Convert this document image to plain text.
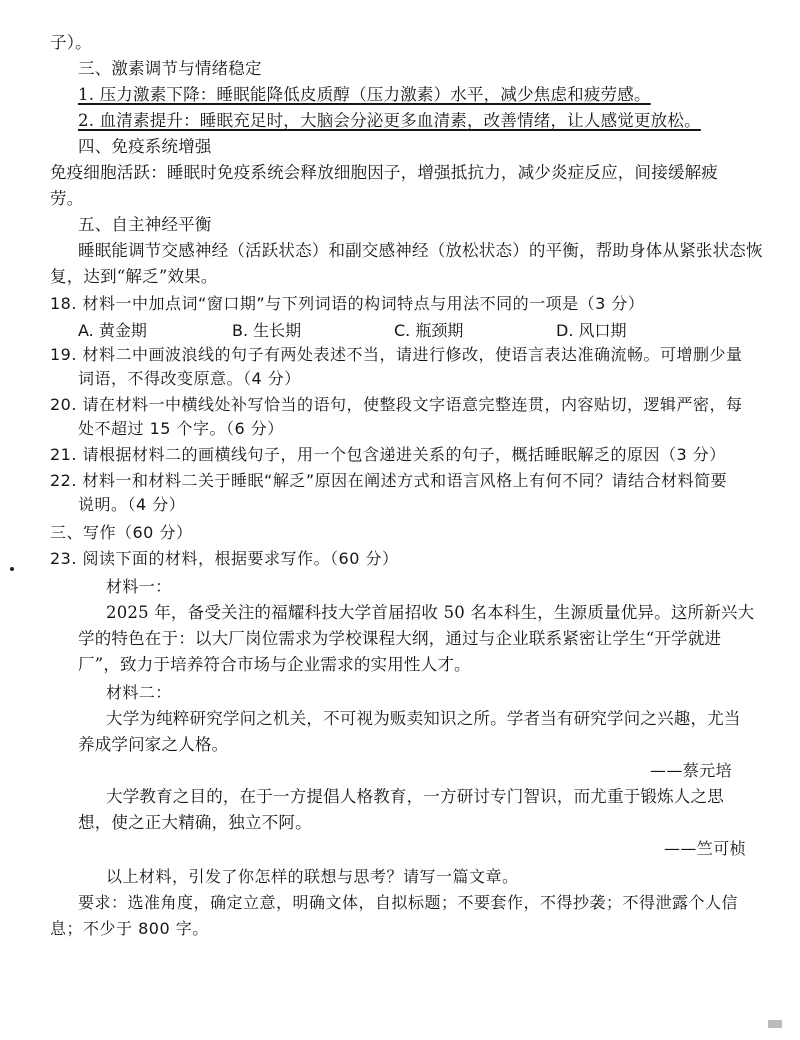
子）。
三、激素调节与情绪稳定
1. 压力激素下降：睡眠能降低皮质醇（压力激素）水平，减少焦虑和疲劳感。
2. 血清素提升：睡眠充足时，大脑会分泌更多血清素，改善情绪，让人感觉更放松。
四、免疫系统增强
免疫细胞活跃：睡眠时免疫系统会释放细胞因子，增强抵抗力，减少炎症反应，间接缓解疲
劳。
五、自主神经平衡
睡眠能调节交感神经（活跃状态）和副交感神经（放松状态）的平衡，帮助身体从紧张状态恢
复，达到“解乏”效果。
18. 材料一中加点词“窗口期”与下列词语的构词特点与用法不同的一项是（3 分）
A. 黄金期	B. 生长期	C. 瓶颈期	D. 风口期
19. 材料二中画波浪线的句子有两处表述不当，请进行修改，使语言表达准确流畅。可增删少量
词语，不得改变原意。（4 分）
20. 请在材料一中横线处补写恰当的语句，使整段文字语意完整连贯，内容贴切，逻辑严密，每
处不超过 15 个字。（6 分）
21. 请根据材料二的画横线句子，用一个包含递进关系的句子，概括睡眠解乏的原因（3 分）
22. 材料一和材料二关于睡眠“解乏”原因在阐述方式和语言风格上有何不同？请结合材料简要
说明。（4 分）
三、写作（60 分）
23. 阅读下面的材料，根据要求写作。（60 分）
材料一：
2025 年，备受关注的福耀科技大学首届招收 50 名本科生，生源质量优异。这所新兴大
学的特色在于：以大厂岗位需求为学校课程大纲，通过与企业联系紧密让学生“开学就进
厂”，致力于培养符合市场与企业需求的实用性人才。
材料二：
大学为纯粹研究学问之机关，不可视为贩卖知识之所。学者当有研究学问之兴趣，尤当
养成学问家之人格。
——蔡元培
大学教育之目的，在于一方提倡人格教育，一方研讨专门智识，而尤重于锻炼人之思
想，使之正大精确，独立不阿。
——竺可桢
以上材料，引发了你怎样的联想与思考？请写一篇文章。
要求：选准角度，确定立意，明确文体，自拟标题；不要套作，不得抄袭；不得泄露个人信
息；不少于 800 字。
